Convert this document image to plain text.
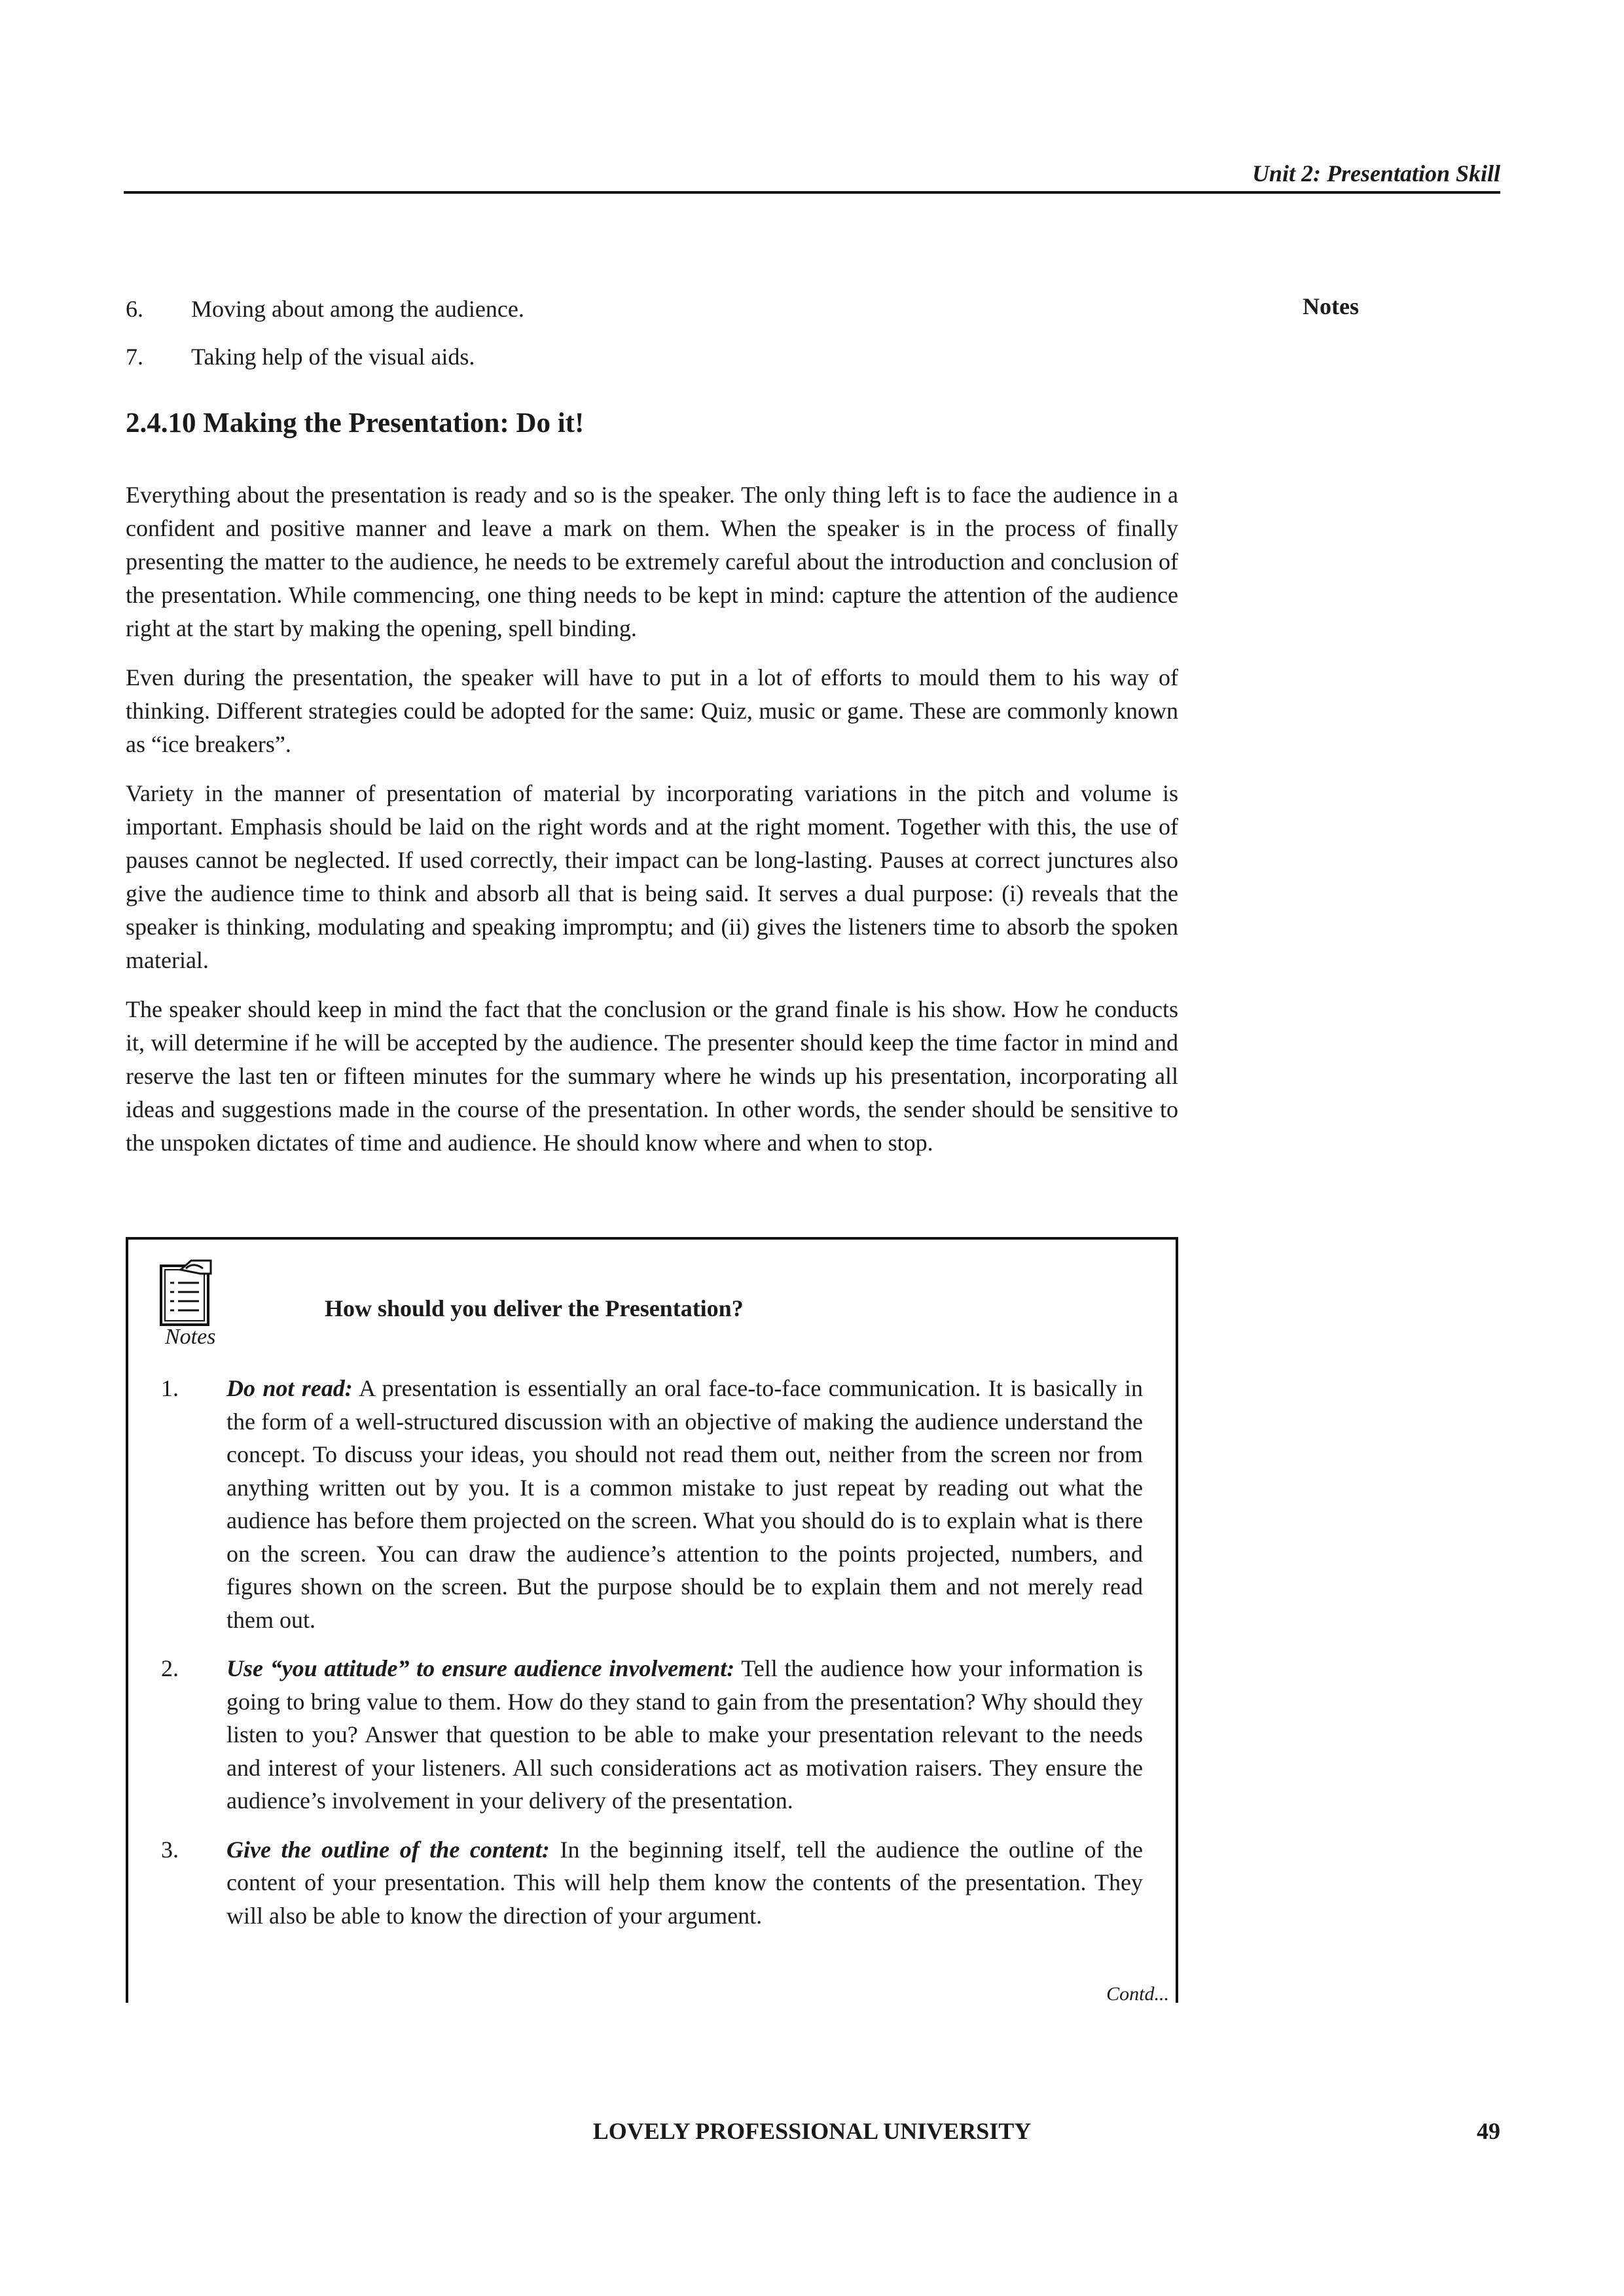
Unit 2: Presentation Skill
Notes
6.	Moving about among the audience.
7.	Taking help of the visual aids.
2.4.10 Making the Presentation: Do it!

Everything about the presentation is ready and so is the speaker. The only thing left is to face the audience in a confident and positive manner and leave a mark on them. When the speaker is in the process of finally presenting the matter to the audience, he needs to be extremely careful about the introduction and conclusion of the presentation. While commencing, one thing needs to be kept in mind: capture the attention of the audience right at the start by making the opening, spell binding.

Even during the presentation, the speaker will have to put in a lot of efforts to mould them to his way of thinking. Different strategies could be adopted for the same: Quiz, music or game. These are commonly known as “ice breakers”.

Variety in the manner of presentation of material by incorporating variations in the pitch and volume is important. Emphasis should be laid on the right words and at the right moment. Together with this, the use of pauses cannot be neglected. If used correctly, their impact can be long-lasting. Pauses at correct junctures also give the audience time to think and absorb all that is being said. It serves a dual purpose: (i) reveals that the speaker is thinking, modulating and speaking impromptu; and (ii) gives the listeners time to absorb the spoken material.

The speaker should keep in mind the fact that the conclusion or the grand finale is his show. How he conducts it, will determine if he will be accepted by the audience. The presenter should keep the time factor in mind and reserve the last ten or fifteen minutes for the summary where he winds up his presentation, incorporating all ideas and suggestions made in the course of the presentation. In other words, the sender should be sensitive to the unspoken dictates of time and audience. He should know where and when to stop.

Notes
How should you deliver the Presentation?
1.	Do not read: A presentation is essentially an oral face-to-face communication. It is basically in the form of a well-structured discussion with an objective of making the audience understand the concept. To discuss your ideas, you should not read them out, neither from the screen nor from anything written out by you. It is a common mistake to just repeat by reading out what the audience has before them projected on the screen. What you should do is to explain what is there on the screen. You can draw the audience’s attention to the points projected, numbers, and figures shown on the screen. But the purpose should be to explain them and not merely read them out.
2.	Use “you attitude” to ensure audience involvement: Tell the audience how your information is going to bring value to them. How do they stand to gain from the presentation? Why should they listen to you? Answer that question to be able to make your presentation relevant to the needs and interest of your listeners. All such considerations act as motivation raisers. They ensure the audience’s involvement in your delivery of the presentation.
3.	Give the outline of the content: In the beginning itself, tell the audience the outline of the content of your presentation. This will help them know the contents of the presentation. They will also be able to know the direction of your argument.
Contd...
LOVELY PROFESSIONAL UNIVERSITY	49
